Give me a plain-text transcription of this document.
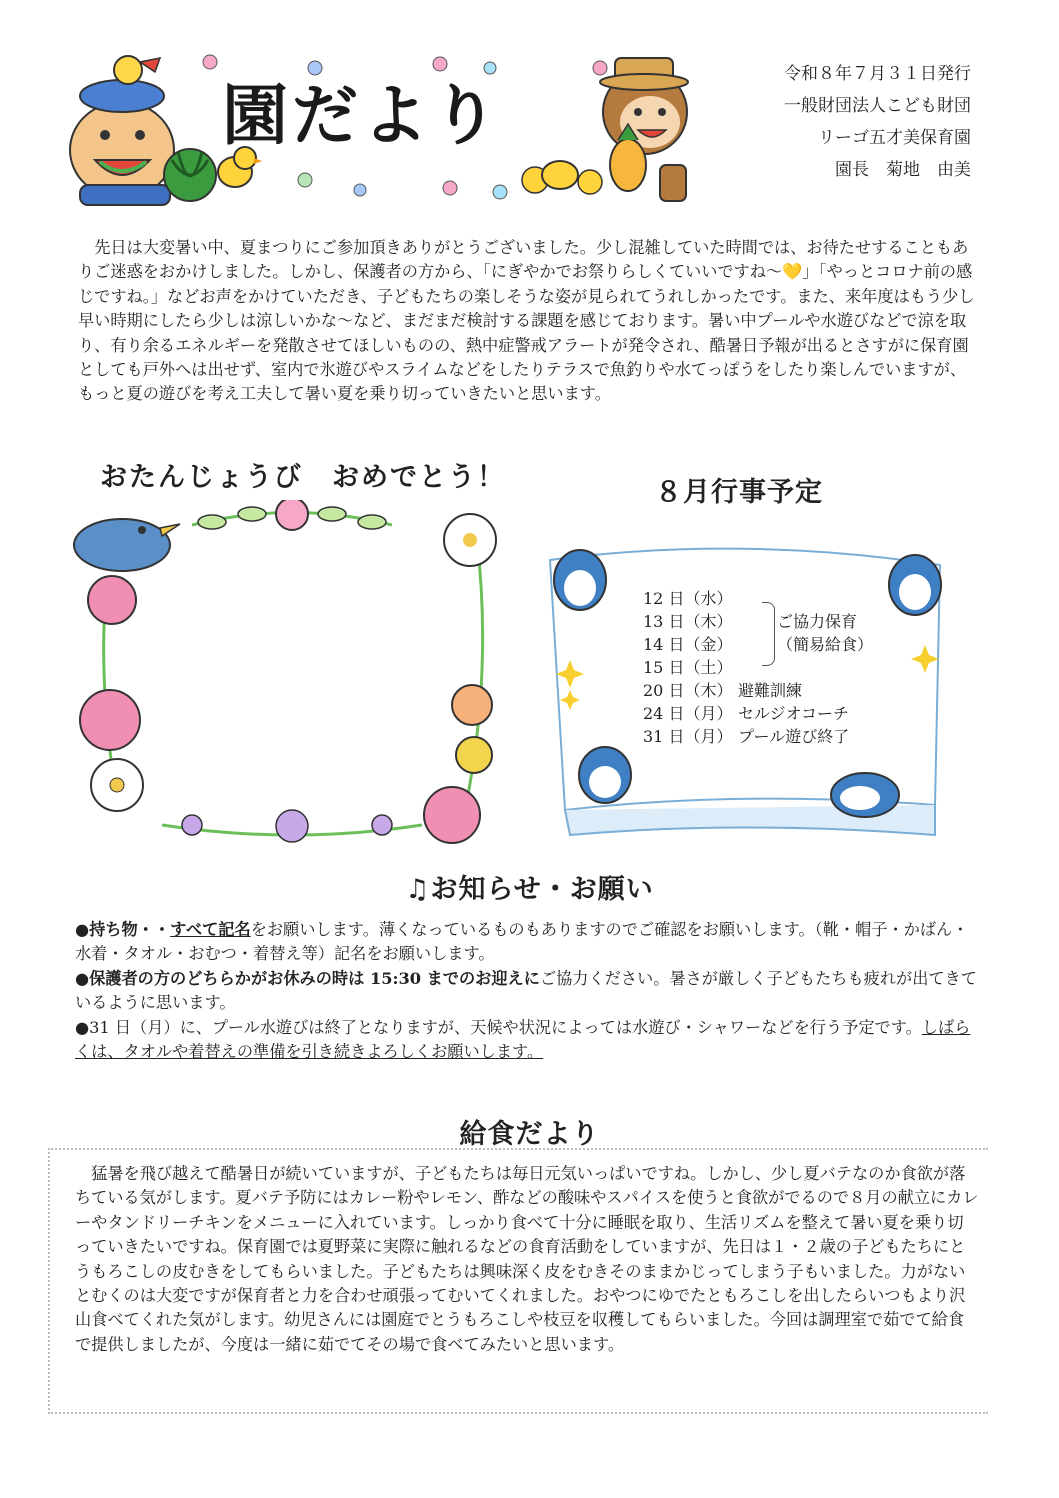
園だより
令和８年７月３１日発行
一般財団法人こども財団
リーゴ五才美保育園
園長　菊地　由美
先日は大変暑い中、夏まつりにご参加頂きありがとうございました。少し混雑していた時間では、お待たせすることもありご迷惑をおかけしました。しかし、保護者の方から、「にぎやかでお祭りらしくていいですね～💛」「やっとコロナ前の感じですね。」などお声をかけていただき、子どもたちの楽しそうな姿が見られてうれしかったです。また、来年度はもう少し早い時期にしたら少しは涼しいかな～など、まだまだ検討する課題を感じております。暑い中プールや水遊びなどで涼を取り、有り余るエネルギーを発散させてほしいものの、熱中症警戒アラートが発令され、酷暑日予報が出るとさすがに保育園としても戸外へは出せず、室内で氷遊びやスライムなどをしたりテラスで魚釣りや水てっぽうをしたり楽しんでいますが、もっと夏の遊びを考え工夫して暑い夏を乗り切っていきたいと思います。
おたんじょうび　おめでとう！	８月行事予定
12 日（水）
13 日（木）
14 日（金）
15 日（土）
20 日（木） 避難訓練
24 日（月） セルジオコーチ
31 日（月） プール遊び終了
ご協力保育
（簡易給食）
♫お知らせ・お願い

●持ち物・・すべて記名をお願いします。薄くなっているものもありますのでご確認をお願いします。（靴・帽子・かばん・水着・タオル・おむつ・着替え等）記名をお願いします。

●保護者の方のどちらかがお休みの時は 15:30 までのお迎えにご協力ください。暑さが厳しく子どもたちも疲れが出てきているように思います。

●31 日（月）に、プール水遊びは終了となりますが、天候や状況によっては水遊び・シャワーなどを行う予定です。しばらくは、タオルや着替えの準備を引き続きよろしくお願いします。

給食だより
猛暑を飛び越えて酷暑日が続いていますが、子どもたちは毎日元気いっぱいですね。しかし、少し夏バテなのか食欲が落ちている気がします。夏バテ予防にはカレー粉やレモン、酢などの酸味やスパイスを使うと食欲がでるので８月の献立にカレーやタンドリーチキンをメニューに入れています。しっかり食べて十分に睡眠を取り、生活リズムを整えて暑い夏を乗り切っていきたいですね。保育園では夏野菜に実際に触れるなどの食育活動をしていますが、先日は１・２歳の子どもたちにとうもろこしの皮むきをしてもらいました。子どもたちは興味深く皮をむきそのままかじってしまう子もいました。力がないとむくのは大変ですが保育者と力を合わせ頑張ってむいてくれました。おやつにゆでたともろこしを出したらいつもより沢山食べてくれた気がします。幼児さんには園庭でとうもろこしや枝豆を収穫してもらいました。今回は調理室で茹でて給食で提供しましたが、今度は一緒に茹でてその場で食べてみたいと思います。
